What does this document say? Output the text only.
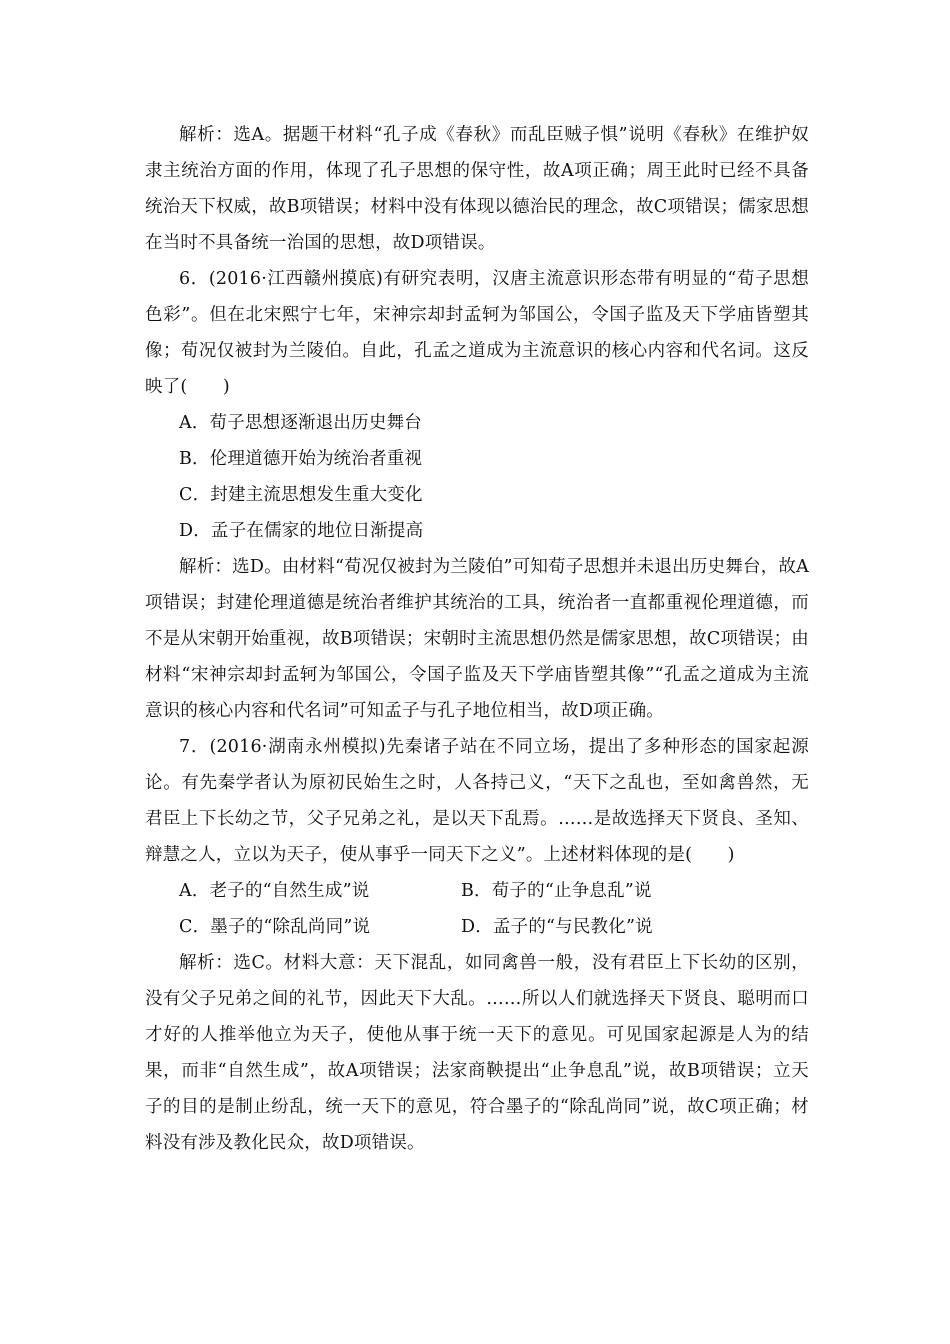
解析：选A。据题干材料“孔子成《春秋》而乱臣贼子惧”说明《春秋》在维护奴隶主统治方面的作用，体现了孔子思想的保守性，故A项正确；周王此时已经不具备统治天下权威，故B项错误；材料中没有体现以德治民的理念，故C项错误；儒家思想在当时不具备统一治国的思想，故D项错误。

6．(2016·江西赣州摸底)有研究表明，汉唐主流意识形态带有明显的“荀子思想色彩”。但在北宋熙宁七年，宋神宗却封孟轲为邹国公，令国子监及天下学庙皆塑其像；荀况仅被封为兰陵伯。自此，孔孟之道成为主流意识的核心内容和代名词。这反映了(　　)

A．荀子思想逐渐退出历史舞台

B．伦理道德开始为统治者重视

C．封建主流思想发生重大变化

D．孟子在儒家的地位日渐提高

解析：选D。由材料“荀况仅被封为兰陵伯”可知荀子思想并未退出历史舞台，故A项错误；封建伦理道德是统治者维护其统治的工具，统治者一直都重视伦理道德，而不是从宋朝开始重视，故B项错误；宋朝时主流思想仍然是儒家思想，故C项错误；由材料“宋神宗却封孟轲为邹国公，令国子监及天下学庙皆塑其像”“孔孟之道成为主流意识的核心内容和代名词”可知孟子与孔子地位相当，故D项正确。

7．(2016·湖南永州模拟)先秦诸子站在不同立场，提出了多种形态的国家起源论。有先秦学者认为原初民始生之时，人各持己义，“天下之乱也，至如禽兽然，无君臣上下长幼之节，父子兄弟之礼，是以天下乱焉。……是故选择天下贤良、圣知、辩慧之人，立以为天子，使从事乎一同天下之义”。上述材料体现的是(　　)

A．老子的“自然生成”说	B．荀子的“止争息乱”说
C．墨子的“除乱尚同”说	D．孟子的“与民教化”说

解析：选C。材料大意：天下混乱，如同禽兽一般，没有君臣上下长幼的区别，没有父子兄弟之间的礼节，因此天下大乱。……所以人们就选择天下贤良、聪明而口才好的人推举他立为天子，使他从事于统一天下的意见。可见国家起源是人为的结果，而非“自然生成”，故A项错误；法家商鞅提出“止争息乱”说，故B项错误；立天子的目的是制止纷乱，统一天下的意见，符合墨子的“除乱尚同”说，故C项正确；材料没有涉及教化民众，故D项错误。
